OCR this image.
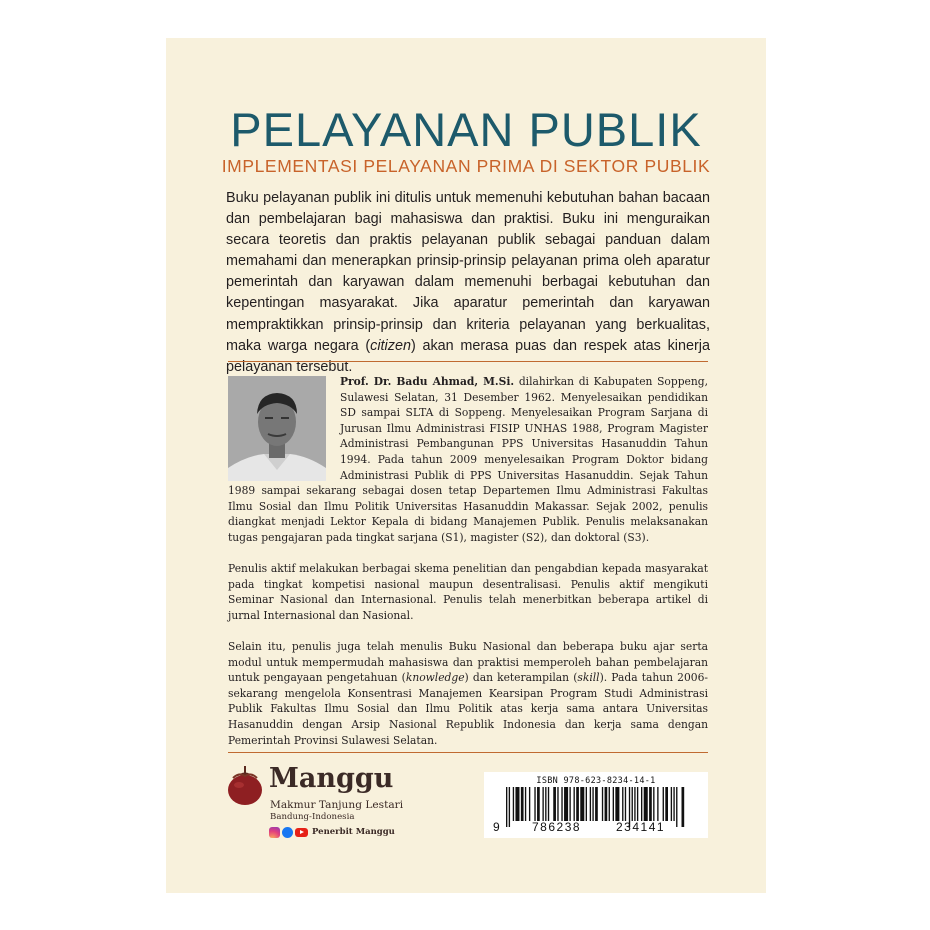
PELAYANAN PUBLIK
IMPLEMENTASI PELAYANAN PRIMA DI SEKTOR PUBLIK

Buku pelayanan publik ini ditulis untuk memenuhi kebutuhan bahan bacaan dan pembelajaran bagi mahasiswa dan praktisi. Buku ini menguraikan secara teoretis dan praktis pelayanan publik sebagai panduan dalam memahami dan menerapkan prinsip-prinsip pelayanan prima oleh aparatur pemerintah dan karyawan dalam memenuhi berbagai kebutuhan dan kepentingan masyarakat. Jika aparatur pemerintah dan karyawan mempraktikkan prinsip-prinsip dan kriteria pelayanan yang berkualitas, maka warga negara (citizen) akan merasa puas dan respek atas kinerja pelayanan tersebut.

Prof. Dr. Badu Ahmad, M.Si. dilahirkan di Kabupaten Soppeng, Sulawesi Selatan, 31 Desember 1962. Menyelesaikan pendidikan SD sampai SLTA di Soppeng. Menyelesaikan Program Sarjana di Jurusan Ilmu Administrasi FISIP UNHAS 1988, Program Magister Administrasi Pembangunan PPS Universitas Hasanuddin Tahun 1994. Pada tahun 2009 menyelesaikan Program Doktor bidang Administrasi Publik di PPS Universitas Hasanuddin. Sejak Tahun 1989 sampai sekarang sebagai dosen tetap Departemen Ilmu Administrasi Fakultas Ilmu Sosial dan Ilmu Politik Universitas Hasanuddin Makassar. Sejak 2002, penulis diangkat menjadi Lektor Kepala di bidang Manajemen Publik. Penulis melaksanakan tugas pengajaran pada tingkat sarjana (S1), magister (S2), dan doktoral (S3).

Penulis aktif melakukan berbagai skema penelitian dan pengabdian kepada masyarakat pada tingkat kompetisi nasional maupun desentralisasi. Penulis aktif mengikuti Seminar Nasional dan Internasional. Penulis telah menerbitkan beberapa artikel di jurnal Internasional dan Nasional.

Selain itu, penulis juga telah menulis Buku Nasional dan beberapa buku ajar serta modul untuk mempermudah mahasiswa dan praktisi memperoleh bahan pembelajaran untuk pengayaan pengetahuan (knowledge) dan keterampilan (skill). Pada tahun 2006-sekarang mengelola Konsentrasi Manajemen Kearsipan Program Studi Administrasi Publik Fakultas Ilmu Sosial dan Ilmu Politik atas kerja sama antara Universitas Hasanuddin dengan Arsip Nasional Republik Indonesia dan kerja sama dengan Pemerintah Provinsi Sulawesi Selatan.

Manggu
Makmur Tanjung Lestari
Bandung-Indonesia
Penerbit Manggu
ISBN 978-623-8234-14-1
9	786238	234141
